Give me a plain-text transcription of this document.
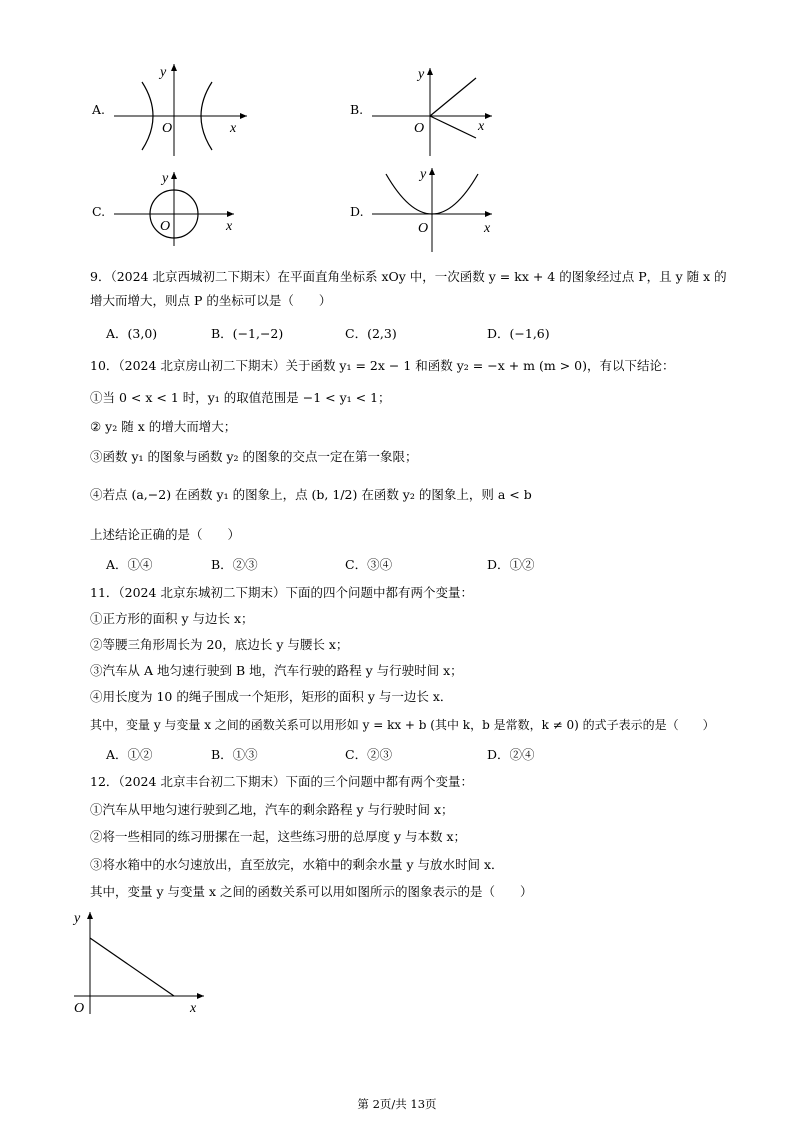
A.
y
O	x
B.
y
O	x
C.
y
O	x
D.
y
O	x
9．（2024 北京西城初二下期末）在平面直角坐标系 xOy 中，一次函数 y = kx + 4 的图象经过点 P，且 y 随 x 的
增大而增大，则点 P 的坐标可以是（　　）
A．(3,0)	B．(−1,−2)	C．(2,3)	D．(−1,6)
10．（2024 北京房山初二下期末）关于函数 y₁ = 2x − 1 和函数 y₂ = −x + m (m > 0)，有以下结论：
①当 0 < x < 1 时，y₁ 的取值范围是 −1 < y₁ < 1；
② y₂ 随 x 的增大而增大；
③函数 y₁ 的图象与函数 y₂ 的图象的交点一定在第一象限；
④若点 (a,−2) 在函数 y₁ 的图象上，点 (b, 1/2) 在函数 y₂ 的图象上，则 a < b
上述结论正确的是（　　）
A．①④	B．②③	C．③④	D．①②
11．（2024 北京东城初二下期末）下面的四个问题中都有两个变量：
①正方形的面积 y 与边长 x；
②等腰三角形周长为 20，底边长 y 与腰长 x；
③汽车从 A 地匀速行驶到 B 地，汽车行驶的路程 y 与行驶时间 x；
④用长度为 10 的绳子围成一个矩形，矩形的面积 y 与一边长 x．
其中，变量 y 与变量 x 之间的函数关系可以用形如 y = kx + b (其中 k，b 是常数，k ≠ 0) 的式子表示的是（　　）
A．①②	B．①③	C．②③	D．②④
12．（2024 北京丰台初二下期末）下面的三个问题中都有两个变量：
①汽车从甲地匀速行驶到乙地，汽车的剩余路程 y 与行驶时间 x；
②将一些相同的练习册摞在一起，这些练习册的总厚度 y 与本数 x；
③将水箱中的水匀速放出，直至放完，水箱中的剩余水量 y 与放水时间 x．
其中，变量 y 与变量 x 之间的函数关系可以用如图所示的图象表示的是（　　）
y
O	x
第 2页/共 13页
